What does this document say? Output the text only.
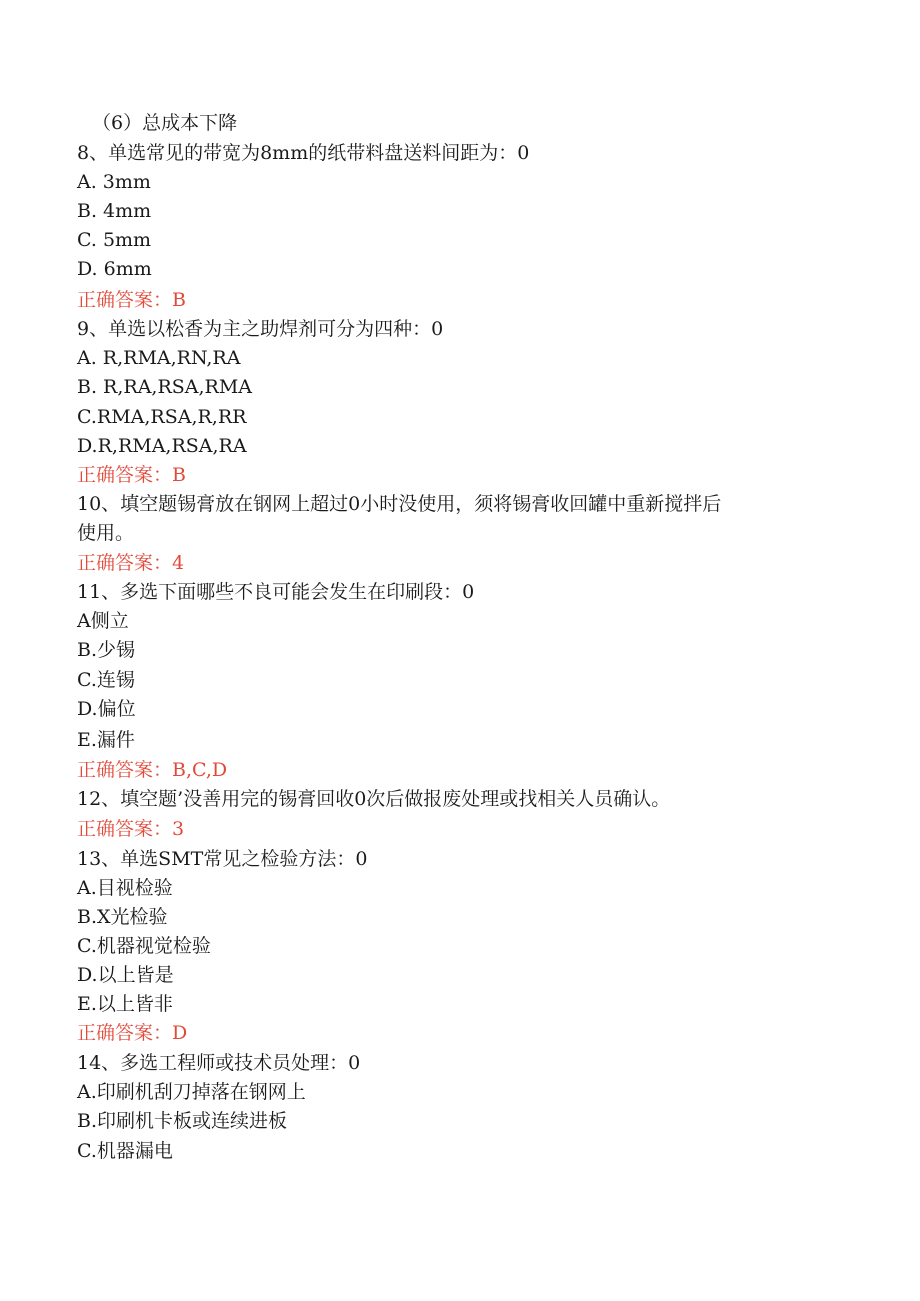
（6）总成本下降
8、单选常见的带宽为8mm的纸带料盘送料间距为：0
A. 3mm
B. 4mm
C. 5mm
D. 6mm
正确答案：B
9、单选以松香为主之助焊剂可分为四种：0
A. R,RMA,RN,RA
B. R,RA,RSA,RMA
C.RMA,RSA,R,RR
D.R,RMA,RSA,RA
正确答案：B
10、填空题锡膏放在钢网上超过0小时没使用，须将锡膏收回罐中重新搅拌后
使用。
正确答案：4
11、多选下面哪些不良可能会发生在印刷段：0
A侧立
B.少锡
C.连锡
D.偏位
E.漏件
正确答案：B,C,D
12、填空题’没善用完的锡膏回收0次后做报废处理或找相关人员确认。
正确答案：3
13、单选SMT常见之检验方法：0
A.目视检验
B.X光检验
C.机器视觉检验
D.以上皆是
E.以上皆非
正确答案：D
14、多选工程师或技术员处理：0
A.印刷机刮刀掉落在钢网上
B.印刷机卡板或连续进板
C.机器漏电
